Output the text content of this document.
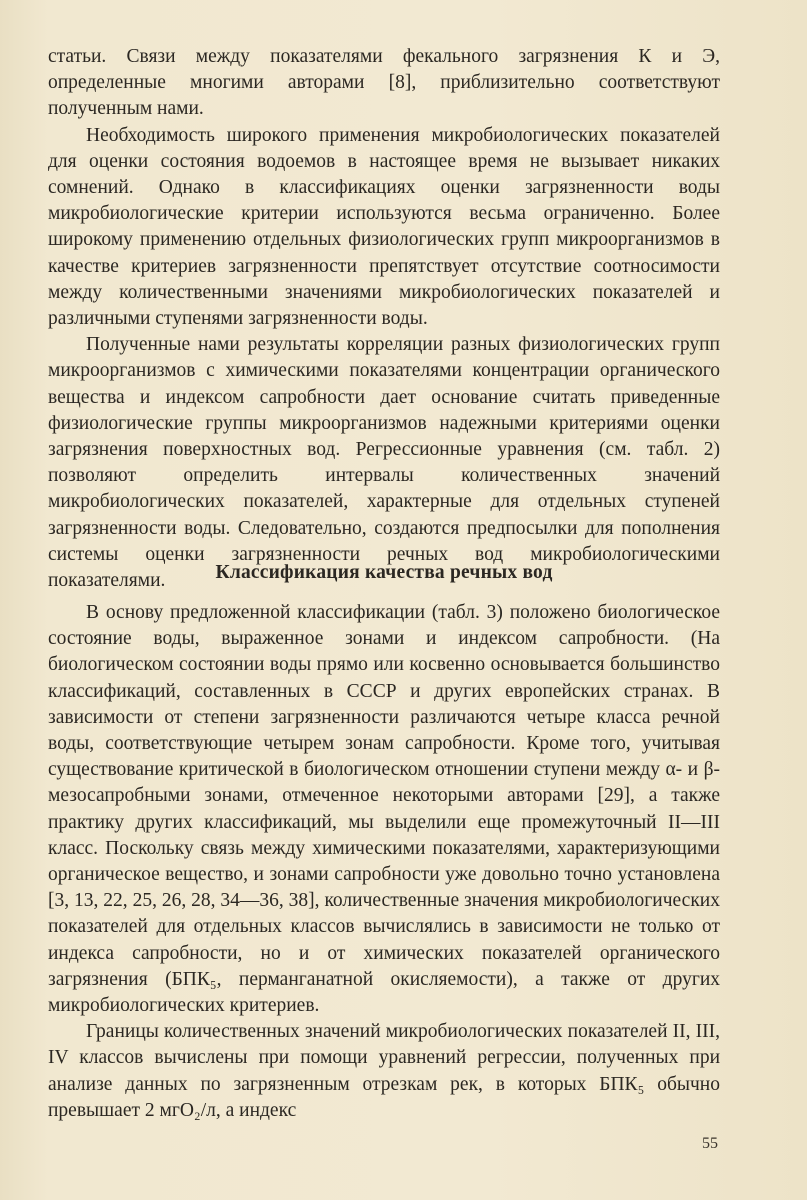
статьи. Связи между показателями фекального загрязнения К и Э, определенные многими авторами [8], приблизительно соответствуют полученным нами.

Необходимость широкого применения микробиологических показателей для оценки состояния водоемов в настоящее время не вызывает никаких сомнений. Однако в классификациях оценки загрязненности воды микробиологические критерии используются весьма ограниченно. Более широкому применению отдельных физиологических групп микроорганизмов в качестве критериев загрязненности препятствует отсутствие соотносимости между количественными значениями микробиологических показателей и различными ступенями загрязненности воды.

Полученные нами результаты корреляции разных физиологических групп микроорганизмов с химическими показателями концентрации органического вещества и индексом сапробности дает основание считать приведенные физиологические группы микроорганизмов надежными критериями оценки загрязнения поверхностных вод. Регрессионные уравнения (см. табл. 2) позволяют определить интервалы количественных значений микробиологических показателей, характерные для отдельных ступеней загрязненности воды. Следовательно, создаются предпосылки для пополнения системы оценки загрязненности речных вод микробиологическими показателями.	Классификация качества речных вод

В основу предложенной классификации (табл. 3) положено биологическое состояние воды, выраженное зонами и индексом сапробности. (На биологическом состоянии воды прямо или косвенно основывается большинство классификаций, составленных в СССР и других европейских странах. В зависимости от степени загрязненности различаются четыре класса речной воды, соответствующие четырем зонам сапробности. Кроме того, учитывая существование критической в биологическом отношении ступени между α- и β-мезосапробными зонами, отмеченное некоторыми авторами [29], а также практику других классификаций, мы выделили еще промежуточный II—III класс. Поскольку связь между химическими показателями, характеризующими органическое вещество, и зонами сапробности уже довольно точно установлена [3, 13, 22, 25, 26, 28, 34—36, 38], количественные значения микробиологических показателей для отдельных классов вычислялись в зависимости не только от индекса сапробности, но и от химических показателей органического загрязнения (БПК₅, перманганатной окисляемости), а также от других микробиологических критериев.

Границы количественных значений микробиологических показателей II, III, IV классов вычислены при помощи уравнений регрессии, полученных при анализе данных по загрязненным отрезкам рек, в которых БПК₅ обычно превышает 2 мгO₂/л, а индекс

55
